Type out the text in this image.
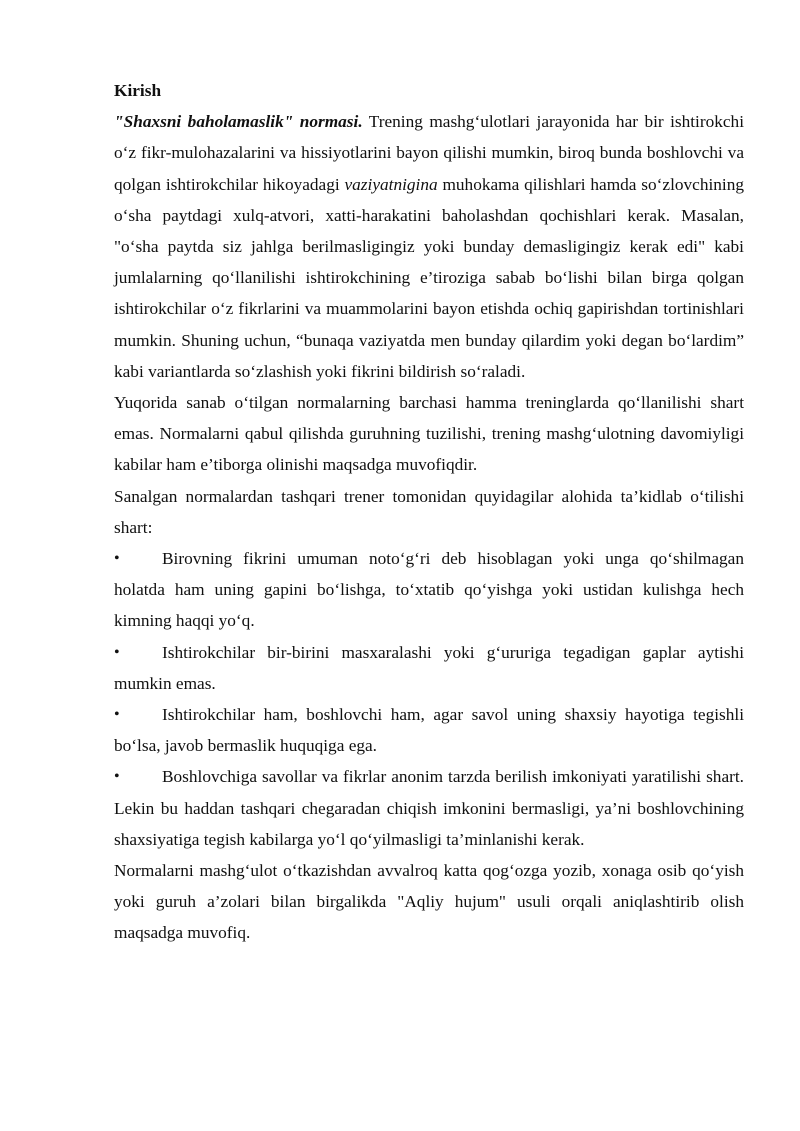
Kirish

"Shaxsni baholamaslik" normasi. Trening mashg‘ulotlari jarayonida har bir ishtirokchi o‘z fikr-mulohazalarini va hissiyotlarini bayon qilishi mumkin, biroq bunda boshlovchi va qolgan ishtirokchilar hikoyadagi vaziyatnigina muhokama qilishlari hamda so‘zlovchining o‘sha paytdagi xulq-atvori, xatti-harakatini baholashdan qochishlari kerak. Masalan, "o‘sha paytda siz jahlga berilmasligingiz yoki bunday demasligingiz kerak edi" kabi jumlalarning qo‘llanilishi ishtirokchining e’tiroziga sabab bo‘lishi bilan birga qolgan ishtirokchilar o‘z fikrlarini va muammolarini bayon etishda ochiq gapirishdan tortinishlari mumkin. Shuning uchun, “bunaqa vaziyatda men bunday qilardim yoki degan bo‘lardim” kabi variantlarda so‘zlashish yoki fikrini bildirish so‘raladi.

Yuqorida sanab o‘tilgan normalarning barchasi hamma treninglarda qo‘llanilishi shart emas. Normalarni qabul qilishda guruhning tuzilishi, trening mashg‘ulotning davomiyligi kabilar ham e’tiborga olinishi maqsadga muvofiqdir.

Sanalgan normalardan tashqari trener tomonidan quyidagilar alohida ta’kidlab o‘tilishi shart:

• Birovning fikrini umuman noto‘g‘ri deb hisoblagan yoki unga qo‘shilmagan holatda ham uning gapini bo‘lishga, to‘xtatib qo‘yishga yoki ustidan kulishga hech kimning haqqi yo‘q.

• Ishtirokchilar bir-birini masxaralashi yoki g‘ururiga tegadigan gaplar aytishi mumkin emas.

• Ishtirokchilar ham, boshlovchi ham, agar savol uning shaxsiy hayotiga tegishli bo‘lsa, javob bermaslik huquqiga ega.

• Boshlovchiga savollar va fikrlar anonim tarzda berilish imkoniyati yaratilishi shart. Lekin bu haddan tashqari chegaradan chiqish imkonini bermasligi, ya’ni boshlovchining shaxsiyatiga tegish kabilarga yo‘l qo‘yilmasligi ta’minlanishi kerak.

Normalarni mashg‘ulot o‘tkazishdan avvalroq katta qog‘ozga yozib, xonaga osib qo‘yish yoki guruh a’zolari bilan birgalikda "Aqliy hujum" usuli orqali aniqlashtirib olish maqsadga muvofiq.
